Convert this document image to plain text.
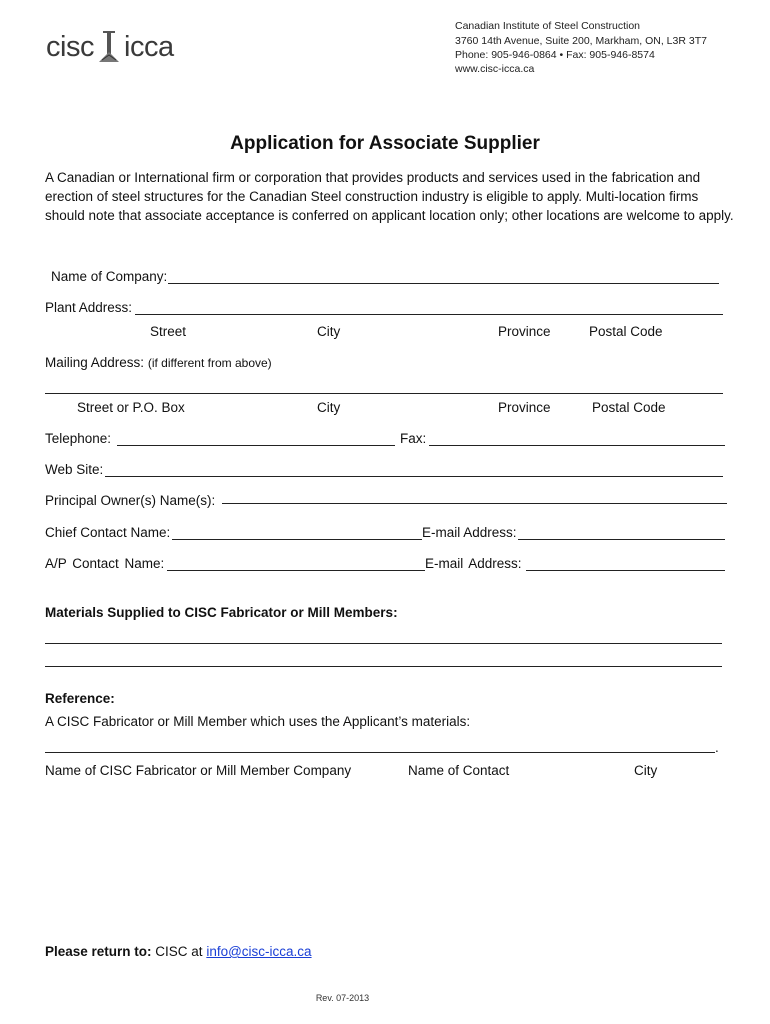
cisc icca
Canadian Institute of Steel Construction
3760 14th Avenue, Suite 200, Markham, ON, L3R 3T7
Phone: 905-946-0864 • Fax: 905-946-8574
www.cisc-icca.ca
Application for Associate Supplier
A Canadian or International firm or corporation that provides products and services used in the fabrication and erection of steel structures for the Canadian Steel construction industry is eligible to apply. Multi-location firms should note that associate acceptance is conferred on applicant location only; other locations are welcome to apply.
Name of Company:
Plant Address:
Street	City	Province	Postal Code
Mailing Address: (if different from above)
Street or P.O. Box	City	Province	Postal Code
Telephone:	Fax:
Web Site:
Principal Owner(s) Name(s):
Chief Contact Name:	E-mail Address:
A/P Contact Name:	E-mail Address:
Materials Supplied to CISC Fabricator or Mill Members:
Reference:
A CISC Fabricator or Mill Member which uses the Applicant’s materials:
.
Name of CISC Fabricator or Mill Member Company	Name of Contact	City
Please return to: CISC at info@cisc-icca.ca
Rev. 07-2013
